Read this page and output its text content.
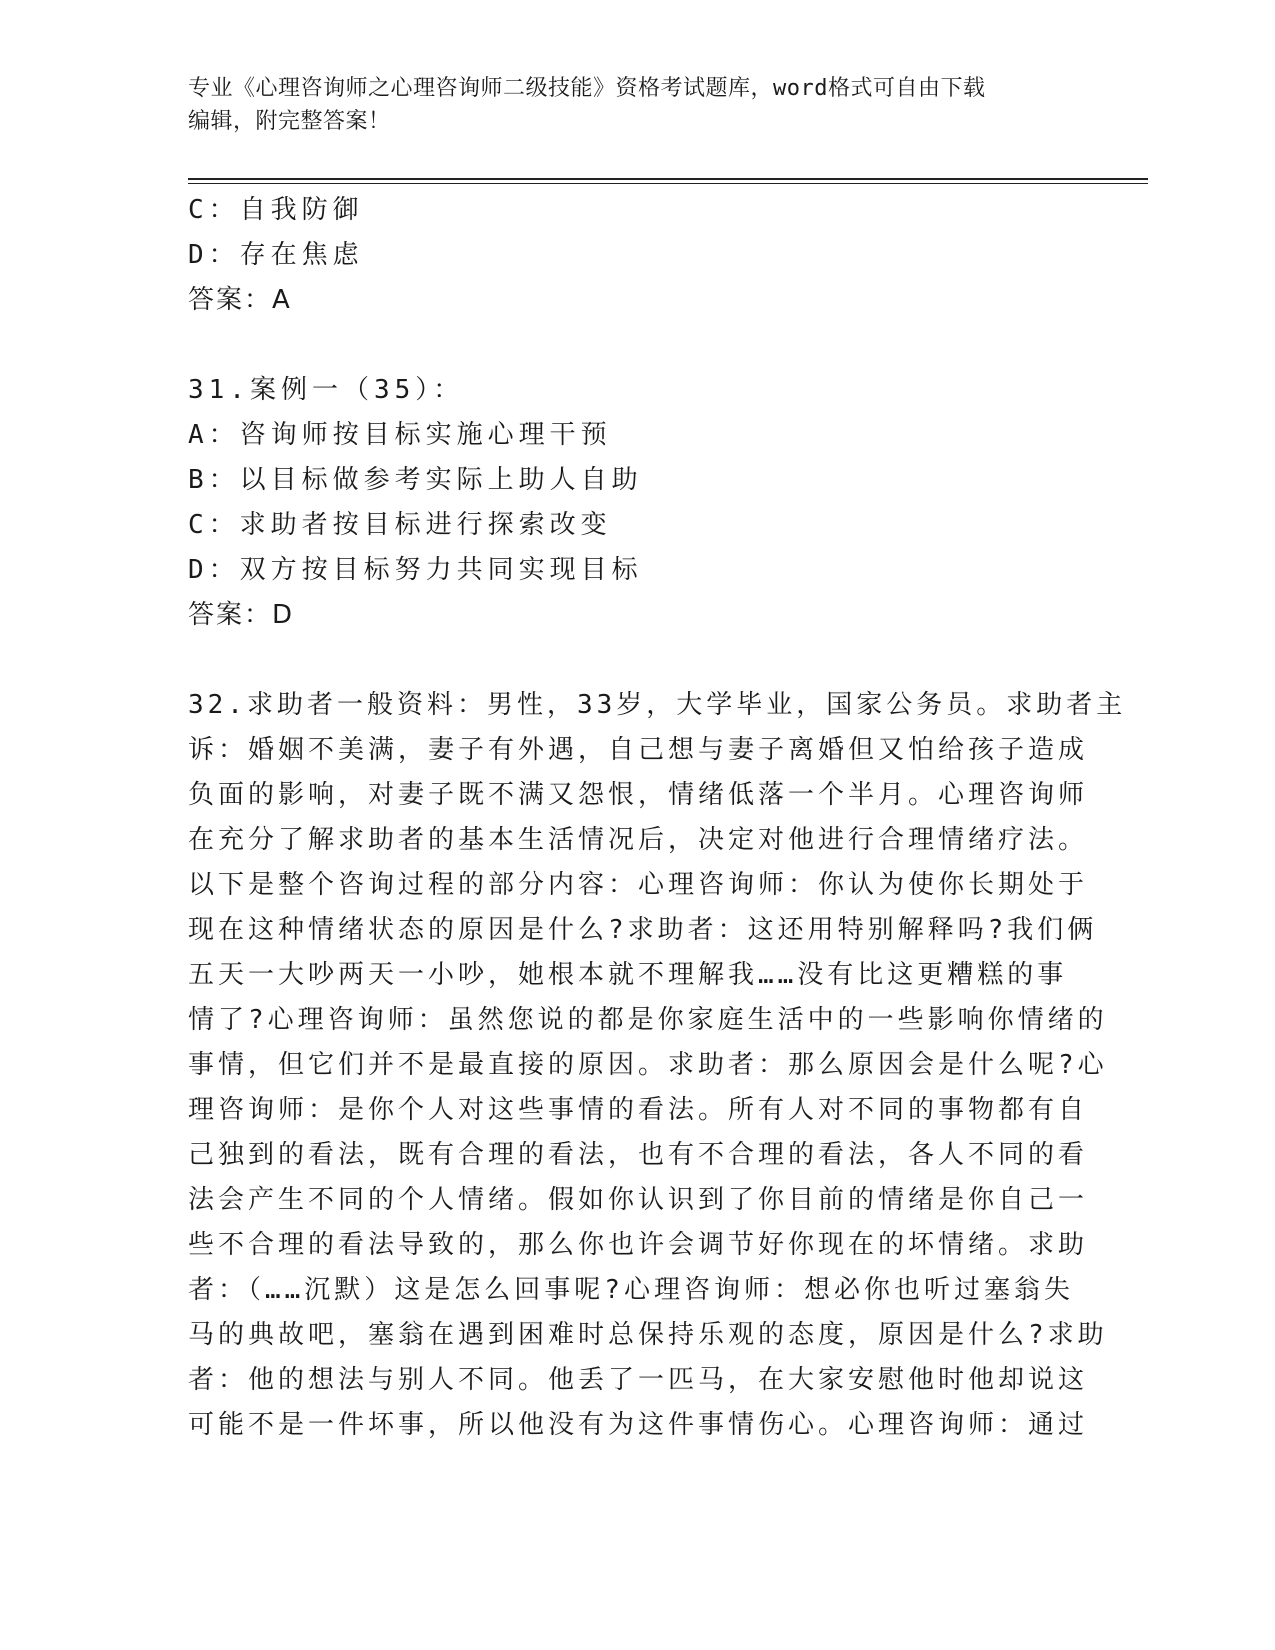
专业《心理咨询师之心理咨询师二级技能》资格考试题库，word格式可自由下载
编辑，附完整答案！
C：自我防御
D：存在焦虑
答案：A
31.案例一（35）：
A：咨询师按目标实施心理干预
B：以目标做参考实际上助人自助
C：求助者按目标进行探索改变
D：双方按目标努力共同实现目标
答案：D
32.求助者一般资料：男性，33岁，大学毕业，国家公务员。求助者主
诉：婚姻不美满，妻子有外遇，自己想与妻子离婚但又怕给孩子造成
负面的影响，对妻子既不满又怨恨，情绪低落一个半月。心理咨询师
在充分了解求助者的基本生活情况后，决定对他进行合理情绪疗法。
以下是整个咨询过程的部分内容：心理咨询师：你认为使你长期处于
现在这种情绪状态的原因是什么?求助者：这还用特别解释吗?我们俩
五天一大吵两天一小吵，她根本就不理解我……没有比这更糟糕的事
情了?心理咨询师：虽然您说的都是你家庭生活中的一些影响你情绪的
事情，但它们并不是最直接的原因。求助者：那么原因会是什么呢?心
理咨询师：是你个人对这些事情的看法。所有人对不同的事物都有自
己独到的看法，既有合理的看法，也有不合理的看法，各人不同的看
法会产生不同的个人情绪。假如你认识到了你目前的情绪是你自己一
些不合理的看法导致的，那么你也许会调节好你现在的坏情绪。求助
者：（……沉默）这是怎么回事呢?心理咨询师：想必你也听过塞翁失
马的典故吧，塞翁在遇到困难时总保持乐观的态度，原因是什么?求助
者：他的想法与别人不同。他丢了一匹马，在大家安慰他时他却说这
可能不是一件坏事，所以他没有为这件事情伤心。心理咨询师：通过
